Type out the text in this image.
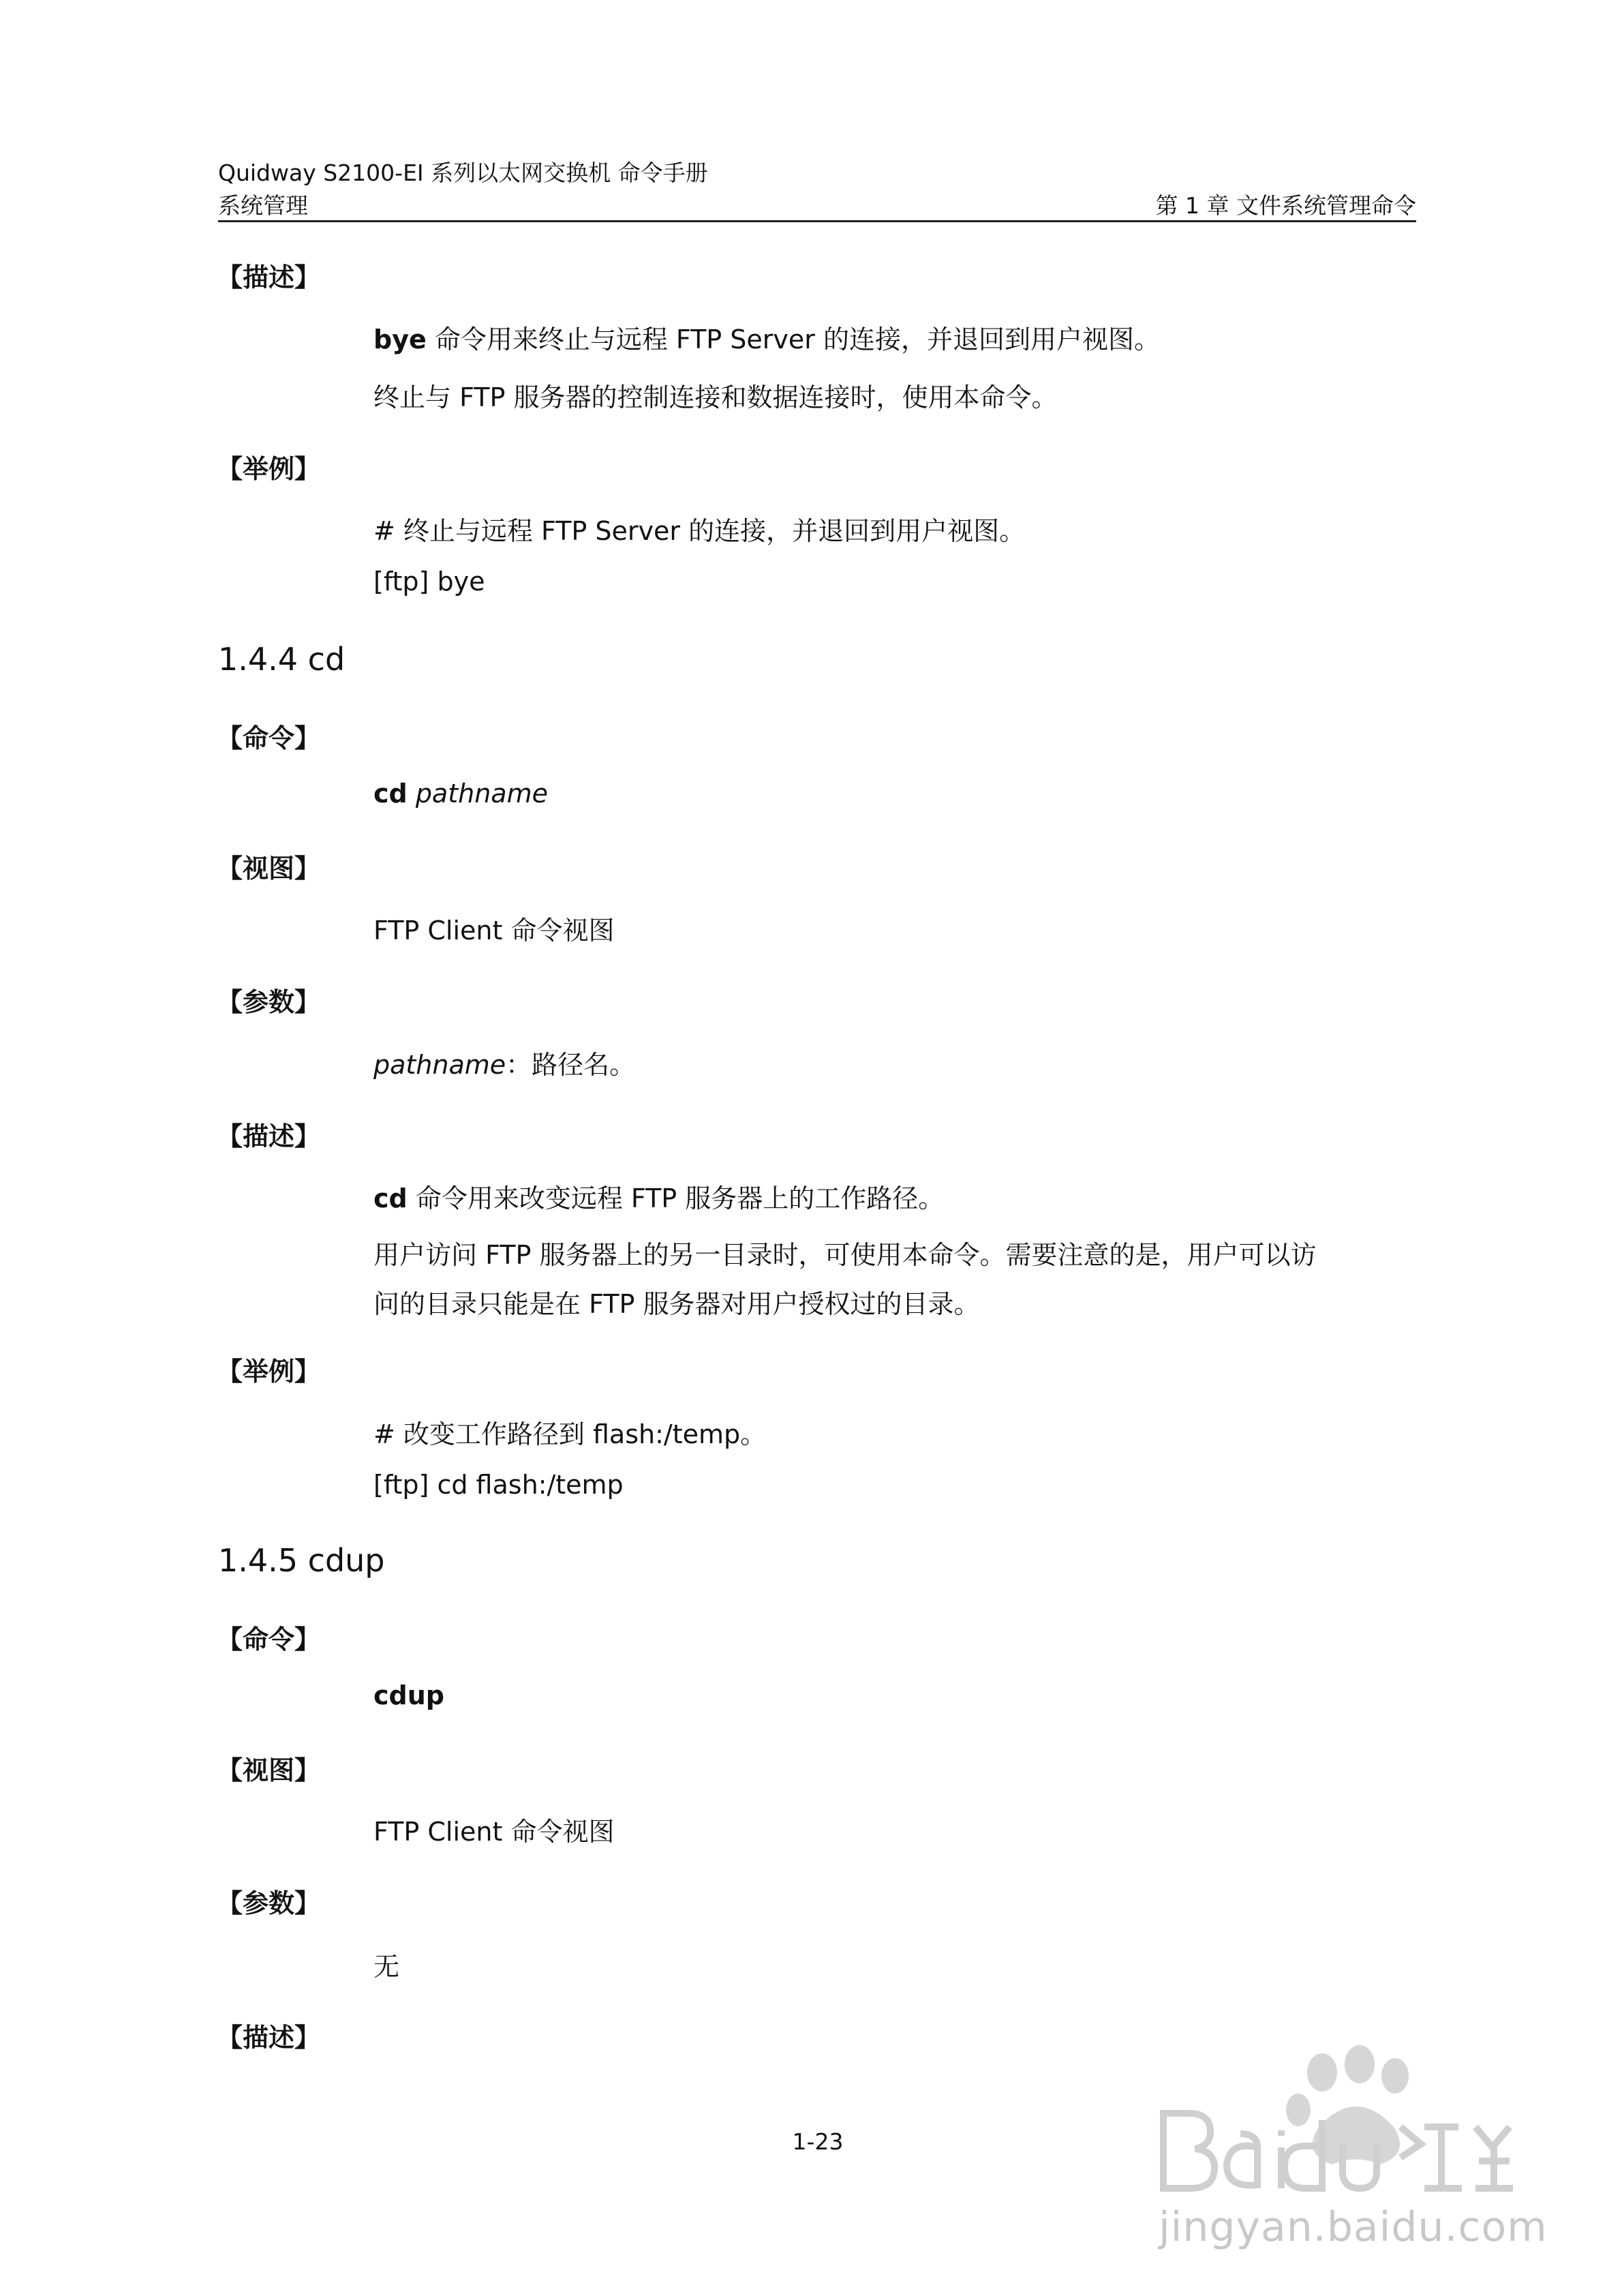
Quidway S2100-EI 系列以太网交换机 命令手册
系统管理	第 1 章 文件系统管理命令
【描述】
bye 命令用来终止与远程 FTP Server 的连接，并退回到用户视图。
终止与 FTP 服务器的控制连接和数据连接时，使用本命令。
【举例】
# 终止与远程 FTP Server 的连接，并退回到用户视图。
[ftp] bye
1.4.4 cd
【命令】
cd pathname
【视图】
FTP Client 命令视图
【参数】
pathname：路径名。
【描述】
cd 命令用来改变远程 FTP 服务器上的工作路径。
用户访问 FTP 服务器上的另一目录时，可使用本命令。需要注意的是，用户可以访
问的目录只能是在 FTP 服务器对用户授权过的目录。
【举例】
# 改变工作路径到 flash:/temp。
[ftp] cd flash:/temp
1.4.5 cdup
【命令】
cdup
【视图】
FTP Client 命令视图
【参数】
无
【描述】
1-23
jingyan.baidu.com
